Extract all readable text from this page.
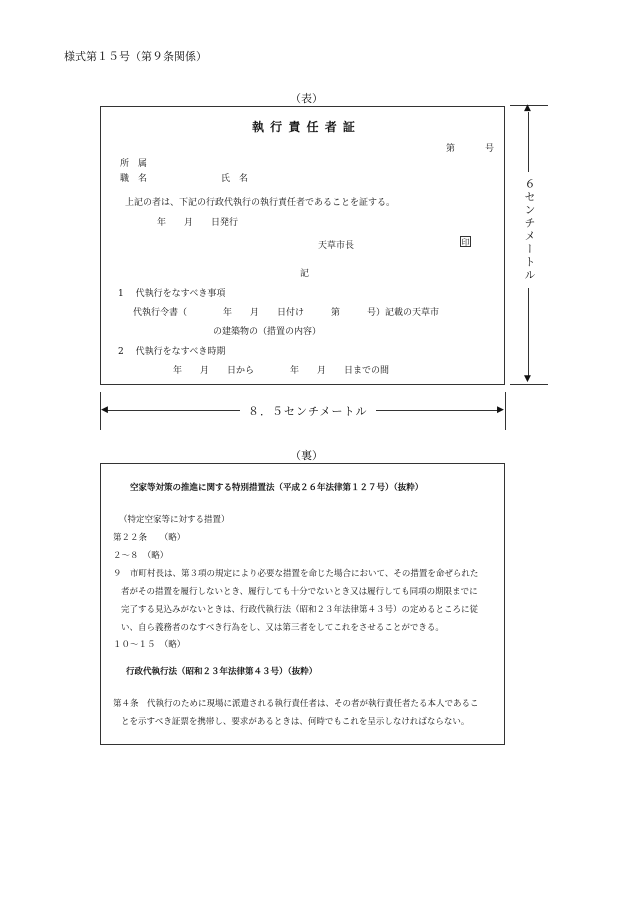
様式第１５号（第９条関係）
（表）
執 行 責 任 者 証
第	号
所　属
職　名	氏　名
上記の者は、下記の行政代執行の執行責任者であることを証する。
年　　月　　日発行
天草市長	印
記
1　 代執行をなすべき事項
代執行令書（　　　　年　　月　　日付け　　　第　　　号）記載の天草市
の建築物の（措置の内容）
2　 代執行をなすべき時期
年　　月　　日から　　　　年　　月　　日までの間
▲
▼
６センチメートル
◀	▶
８．５センチメートル
（裏）
空家等対策の推進に関する特別措置法（平成２６年法律第１２７号）（抜粋）
（特定空家等に対する措置）
第２２条　　（略）
２～８　（略）
９　市町村長は、第３項の規定により必要な措置を命じた場合において、その措置を命ぜられた
者がその措置を履行しないとき、履行しても十分でないとき又は履行しても同項の期限までに
完了する見込みがないときは、行政代執行法（昭和２３年法律第４３号）の定めるところに従
い、自ら義務者のなすべき行為をし、又は第三者をしてこれをさせることができる。
１０～１５　（略）
行政代執行法（昭和２３年法律第４３号）（抜粋）
第４条　代執行のために現場に派遣される執行責任者は、その者が執行責任者たる本人であるこ
とを示すべき証票を携帯し、要求があるときは、何時でもこれを呈示しなければならない。
